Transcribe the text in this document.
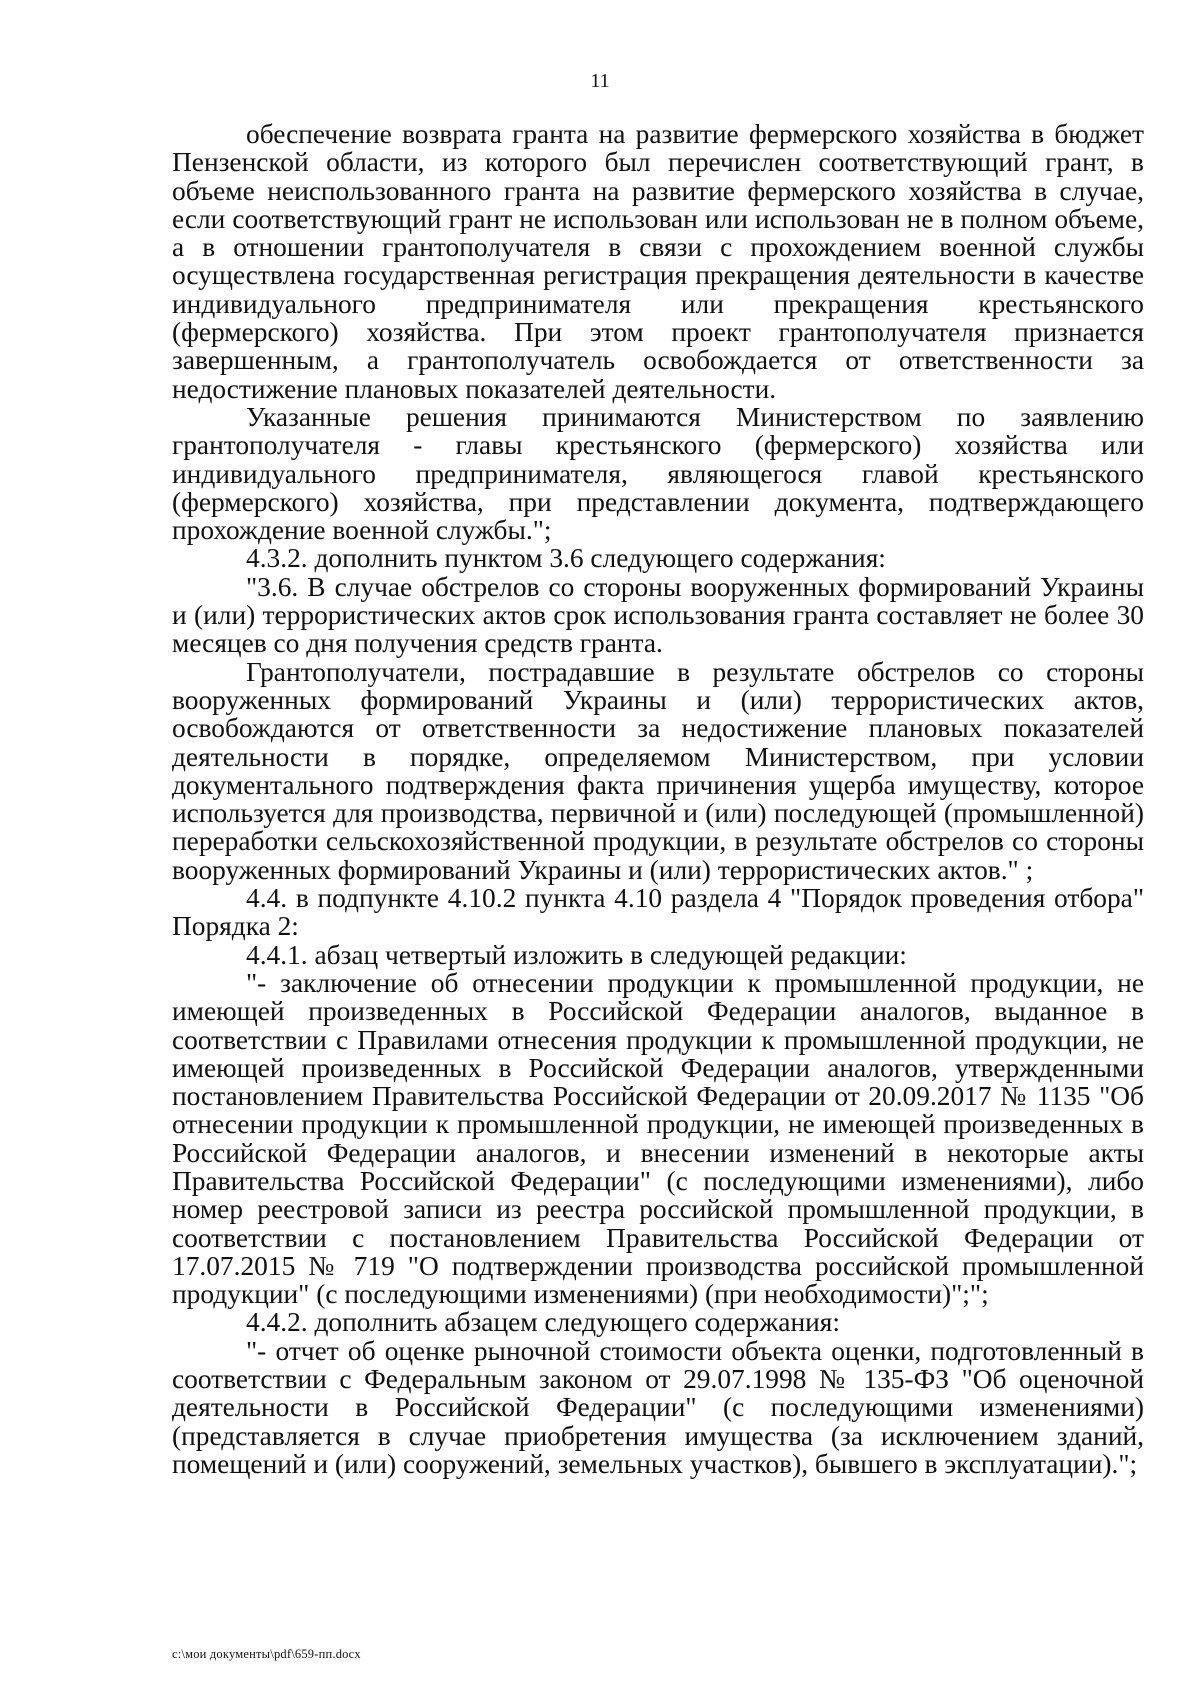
11

обеспечение возврата гранта на развитие фермерского хозяйства в бюджет Пензенской области, из которого был перечислен соответствующий грант, в объеме неиспользованного гранта на развитие фермерского хозяйства в случае, если соответствующий грант не использован или использован не в полном объеме, а в отношении грантополучателя в связи с прохождением военной службы осуществлена государственная регистрация прекращения деятельности в качестве индивидуального предпринимателя или прекращения крестьянского (фермерского) хозяйства. При этом проект грантополучателя признается завершенным, а грантополучатель освобождается от ответственности за недостижение плановых показателей деятельности.

Указанные решения принимаются Министерством по заявлению грантополучателя - главы крестьянского (фермерского) хозяйства или индивидуального предпринимателя, являющегося главой крестьянского (фермерского) хозяйства, при представлении документа, подтверждающего прохождение военной службы.";

4.3.2. дополнить пунктом 3.6 следующего содержания:

"3.6. В случае обстрелов со стороны вооруженных формирований Украины и (или) террористических актов срок использования гранта составляет не более 30 месяцев со дня получения средств гранта.

Грантополучатели, пострадавшие в результате обстрелов со стороны вооруженных формирований Украины и (или) террористических актов, освобождаются от ответственности за недостижение плановых показателей деятельности в порядке, определяемом Министерством, при условии документального подтверждения факта причинения ущерба имуществу, которое используется для производства, первичной и (или) последующей (промышленной) переработки сельскохозяйственной продукции, в результате обстрелов со стороны вооруженных формирований Украины и (или) террористических актов." ;

4.4. в подпункте 4.10.2 пункта 4.10 раздела 4 "Порядок проведения отбора" Порядка 2:

4.4.1. абзац четвертый изложить в следующей редакции:

"- заключение об отнесении продукции к промышленной продукции, не имеющей произведенных в Российской Федерации аналогов, выданное в соответствии с Правилами отнесения продукции к промышленной продукции, не имеющей произведенных в Российской Федерации аналогов, утвержденными постановлением Правительства Российской Федерации от 20.09.2017 № 1135 "Об отнесении продукции к промышленной продукции, не имеющей произведенных в Российской Федерации аналогов, и внесении изменений в некоторые акты Правительства Российской Федерации" (с последующими изменениями), либо номер реестровой записи из реестра российской промышленной продукции, в соответствии с постановлением Правительства Российской Федерации от 17.07.2015 № 719 "О подтверждении производства российской промышленной продукции" (с последующими изменениями) (при необходимости)";";

4.4.2. дополнить абзацем следующего содержания:

"- отчет об оценке рыночной стоимости объекта оценки, подготовленный в соответствии с Федеральным законом от 29.07.1998 № 135-ФЗ "Об оценочной деятельности в Российской Федерации" (с последующими изменениями) (представляется в случае приобретения имущества (за исключением зданий, помещений и (или) сооружений, земельных участков), бывшего в эксплуатации).";

c:\мои документы\pdf\659-пп.docx
